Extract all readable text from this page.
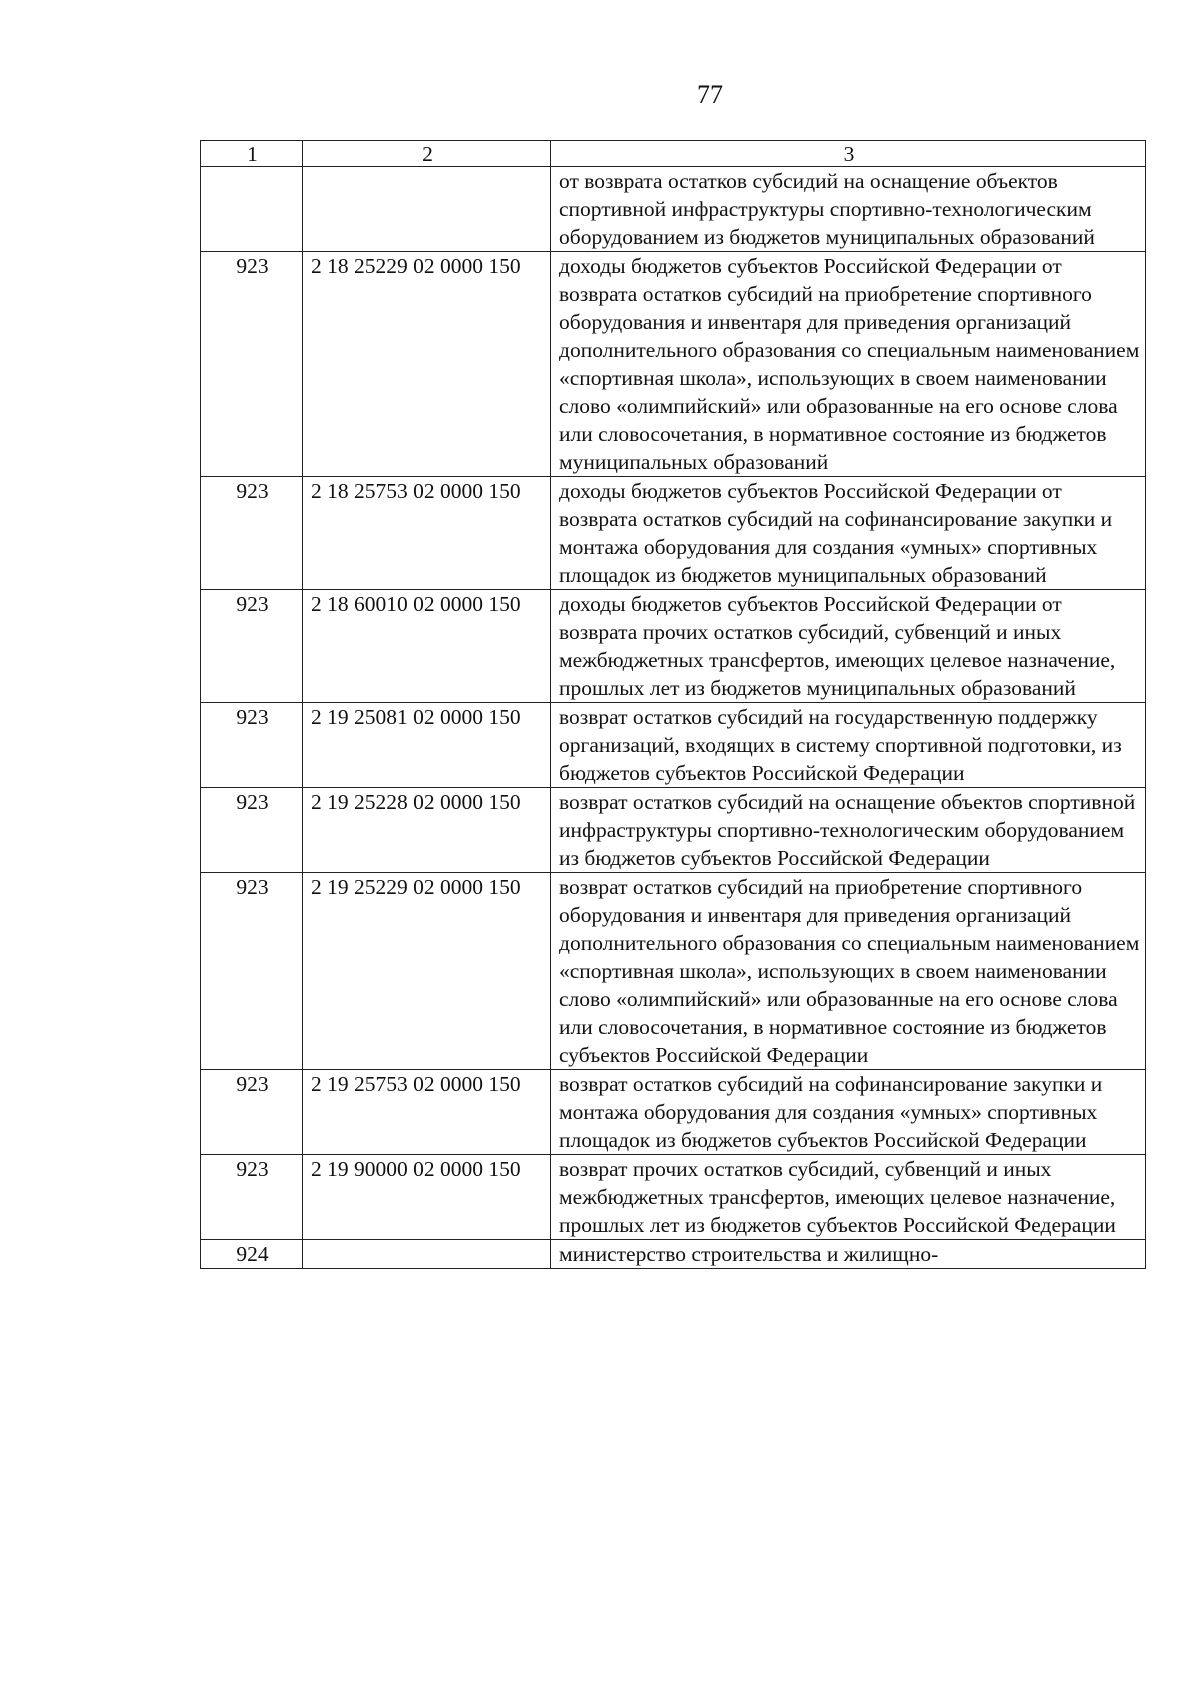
77
1	2	3
		от возврата остатков субсидий на оснащение объектов спортивной инфраструктуры спортивно-технологическим оборудованием из бюджетов муниципальных образований
923	2 18 25229 02 0000 150	доходы бюджетов субъектов Российской Федерации от возврата остатков субсидий на приобретение спортивного оборудования и инвентаря для приведения организаций дополнительного образования со специальным наименованием «спортивная школа», использующих в своем наименовании слово «олимпийский» или образованные на его основе слова или словосочетания, в нормативное состояние из бюджетов муниципальных образований
923	2 18 25753 02 0000 150	доходы бюджетов субъектов Российской Федерации от возврата остатков субсидий на софинансирование закупки и монтажа оборудования для создания «умных» спортивных площадок из бюджетов муниципальных образований
923	2 18 60010 02 0000 150	доходы бюджетов субъектов Российской Федерации от возврата прочих остатков субсидий, субвенций и иных межбюджетных трансфертов, имеющих целевое назначение, прошлых лет из бюджетов муниципальных образований
923	2 19 25081 02 0000 150	возврат остатков субсидий на государственную поддержку организаций, входящих в систему спортивной подготовки, из бюджетов субъектов Российской Федерации
923	2 19 25228 02 0000 150	возврат остатков субсидий на оснащение объектов спортивной инфраструктуры спортивно-технологическим оборудованием из бюджетов субъектов Российской Федерации
923	2 19 25229 02 0000 150	возврат остатков субсидий на приобретение спортивного оборудования и инвентаря для приведения организаций дополнительного образования со специальным наименованием «спортивная школа», использующих в своем наименовании слово «олимпийский» или образованные на его основе слова или словосочетания, в нормативное состояние из бюджетов субъектов Российской Федерации
923	2 19 25753 02 0000 150	возврат остатков субсидий на софинансирование закупки и монтажа оборудования для создания «умных» спортивных площадок из бюджетов субъектов Российской Федерации
923	2 19 90000 02 0000 150	возврат прочих остатков субсидий, субвенций и иных межбюджетных трансфертов, имеющих целевое назначение, прошлых лет из бюджетов субъектов Российской Федерации
924		министерство строительства и жилищно-
